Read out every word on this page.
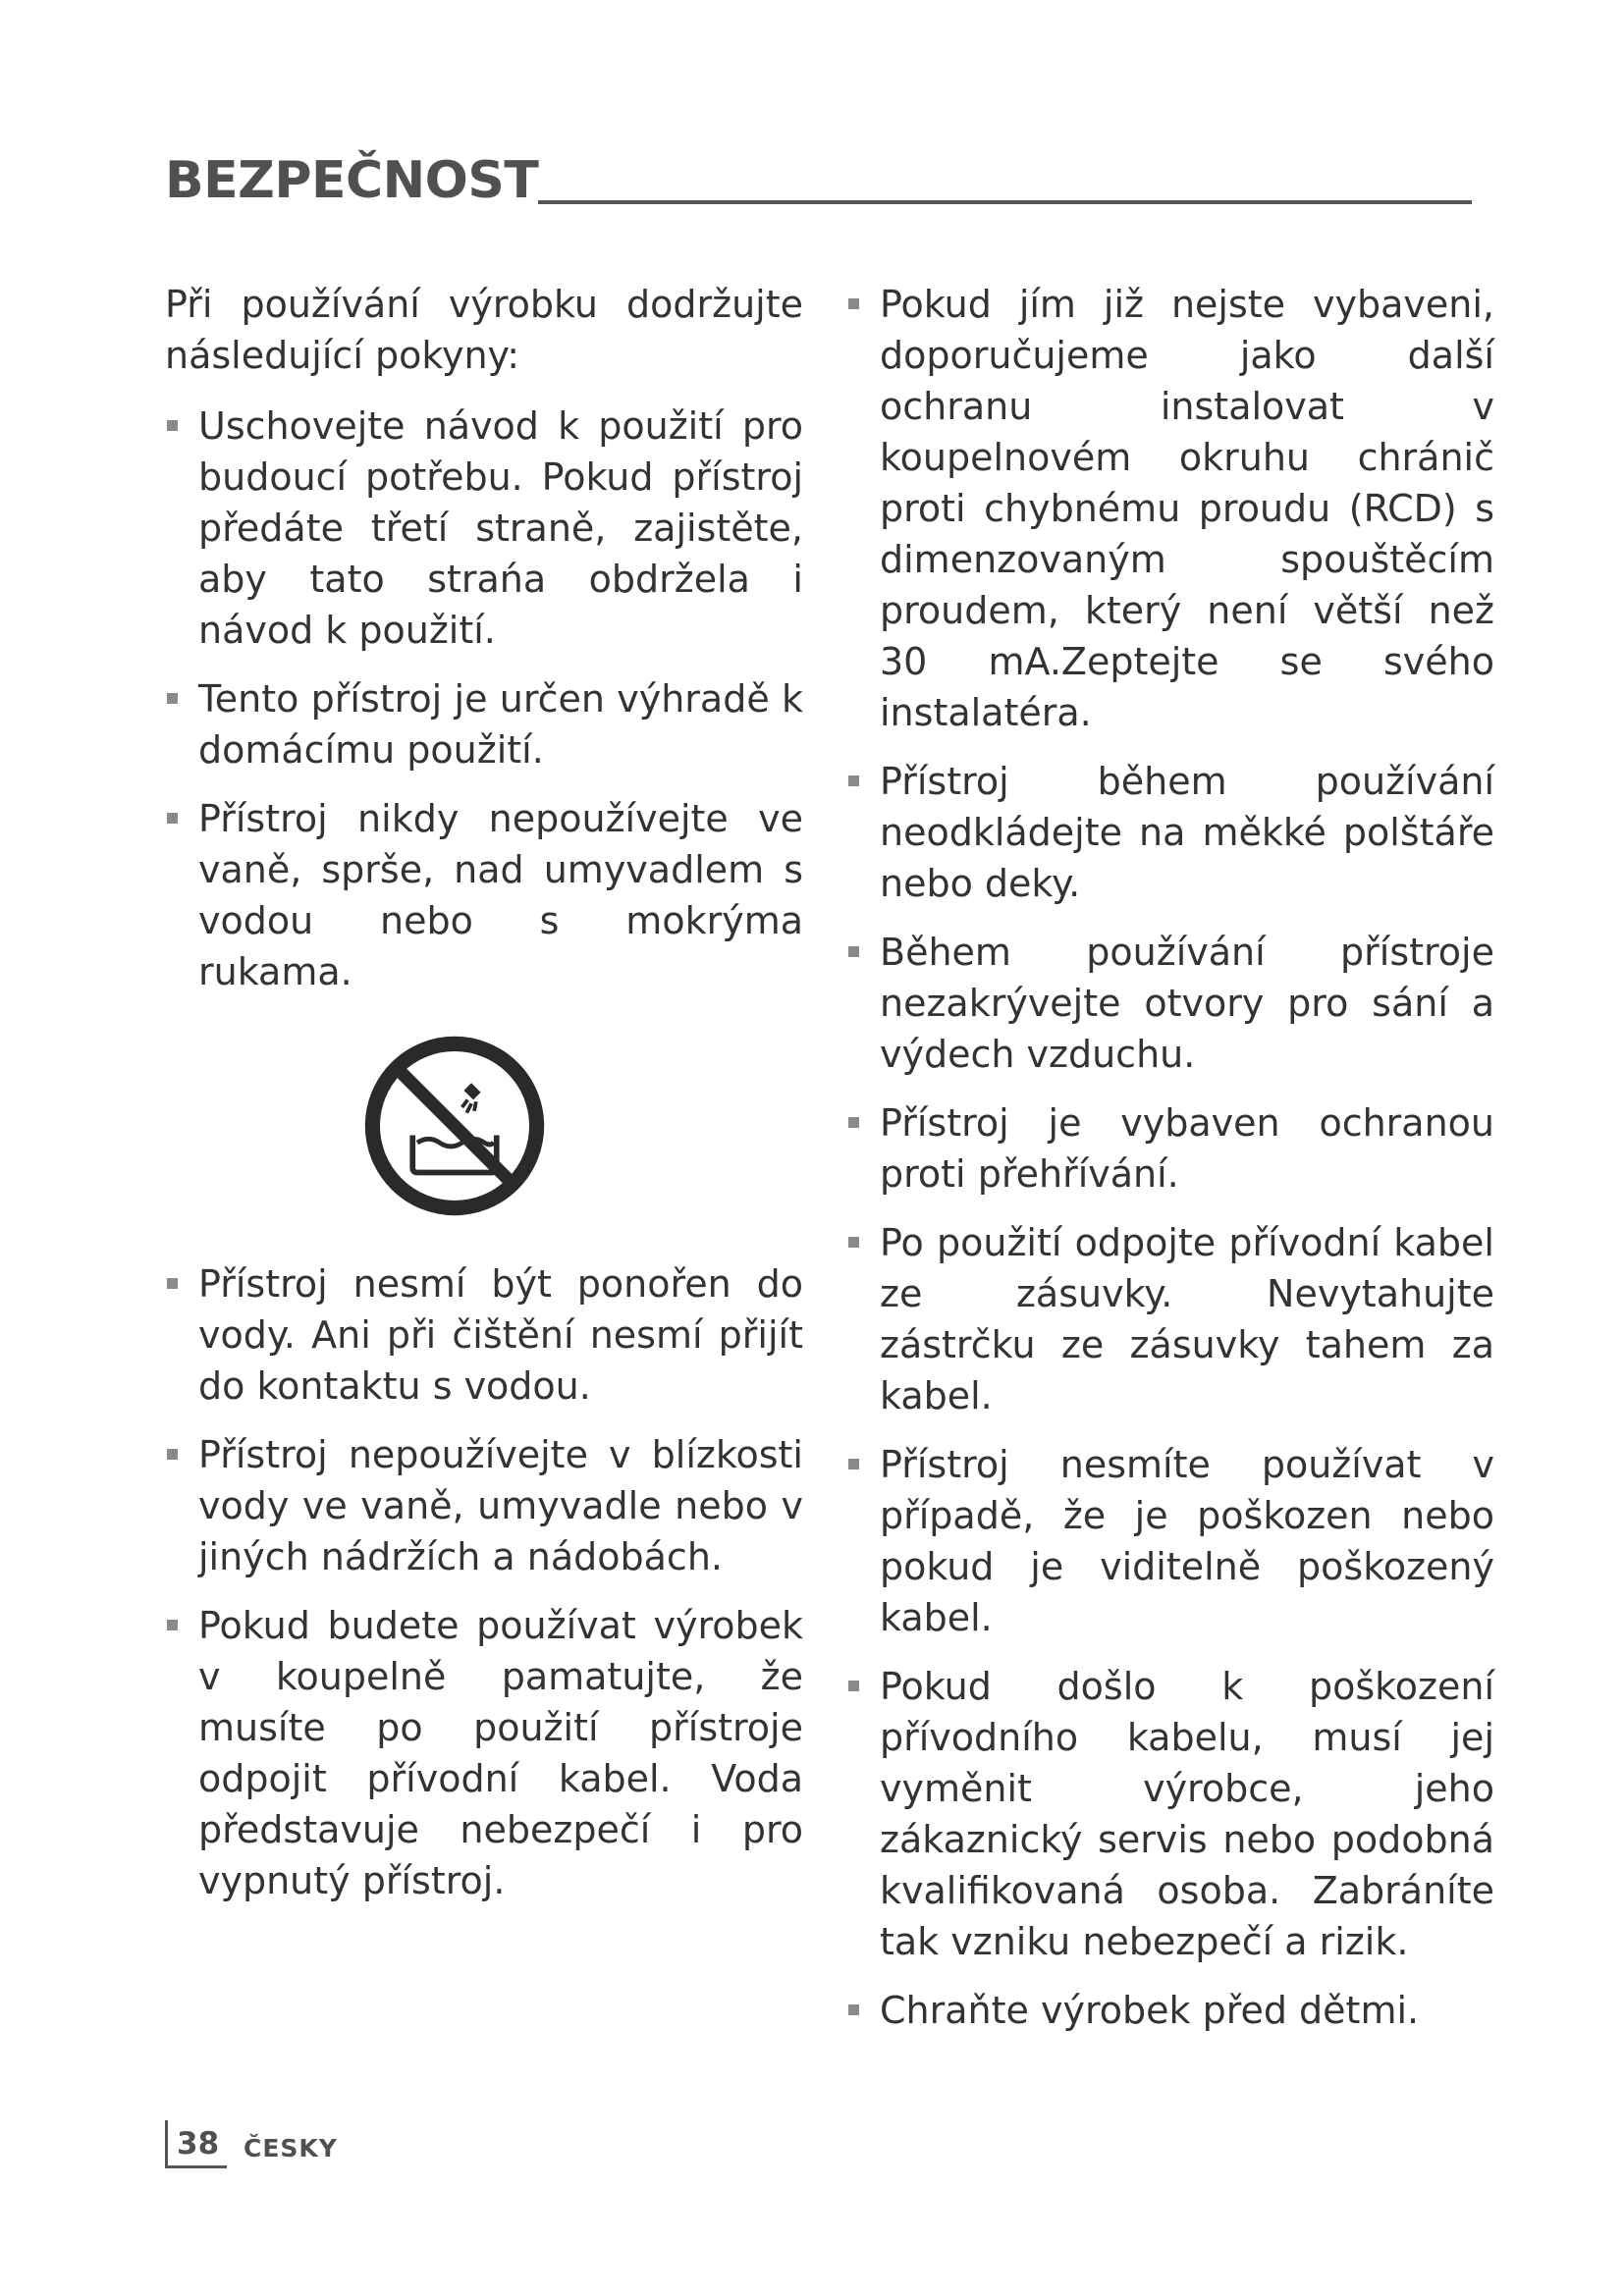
BEZPEČNOST

Při používání výrobku dodržujte následující pokyny:

Uschovejte návod k použití pro budoucí potřebu. Pokud přístroj předáte třetí straně, zajistěte, aby tato strańa obdržela i návod k použití.
Tento přístroj je určen výhradě k domácímu použití.
Přístroj nikdy nepoužívejte ve vaně, sprše, nad umyvadlem s vodou nebo s mokrýma rukama.
Přístroj nesmí být ponořen do vody. Ani při čištění nesmí přijít do kontaktu s vodou.
Přístroj nepoužívejte v blízkosti vody ve vaně, umyvadle nebo v jiných nádržích a nádobách.
Pokud budete používat výrobek v koupelně pamatujte, že musíte po použití přístroje odpojit přívodní kabel. Voda představuje nebezpečí i pro vypnutý přístroj.
Pokud jím již nejste vybaveni, doporučujeme jako další ochranu instalovat v koupelnovém okruhu chránič proti chybnému proudu (RCD) s dimenzovaným spouštěcím proudem, který není větší než 30 mA.Zeptejte se svého instalatéra.
Přístroj během používání neodkládejte na měkké polštáře nebo deky.
Během používání přístroje nezakrývejte otvory pro sání a výdech vzduchu.
Přístroj je vybaven ochranou proti přehřívání.
Po použití odpojte přívodní kabel ze zásuvky. Nevytahujte zástrčku ze zásuvky tahem za kabel.
Přístroj nesmíte používat v případě, že je poškozen nebo pokud je viditelně poškozený kabel.
Pokud došlo k poškození přívodního kabelu, musí jej vyměnit výrobce, jeho zákaznický servis nebo podobná kvalifikovaná osoba. Zabráníte tak vzniku nebezpečí a rizik.
Chraňte výrobek před dětmi.
38 ČESKY
